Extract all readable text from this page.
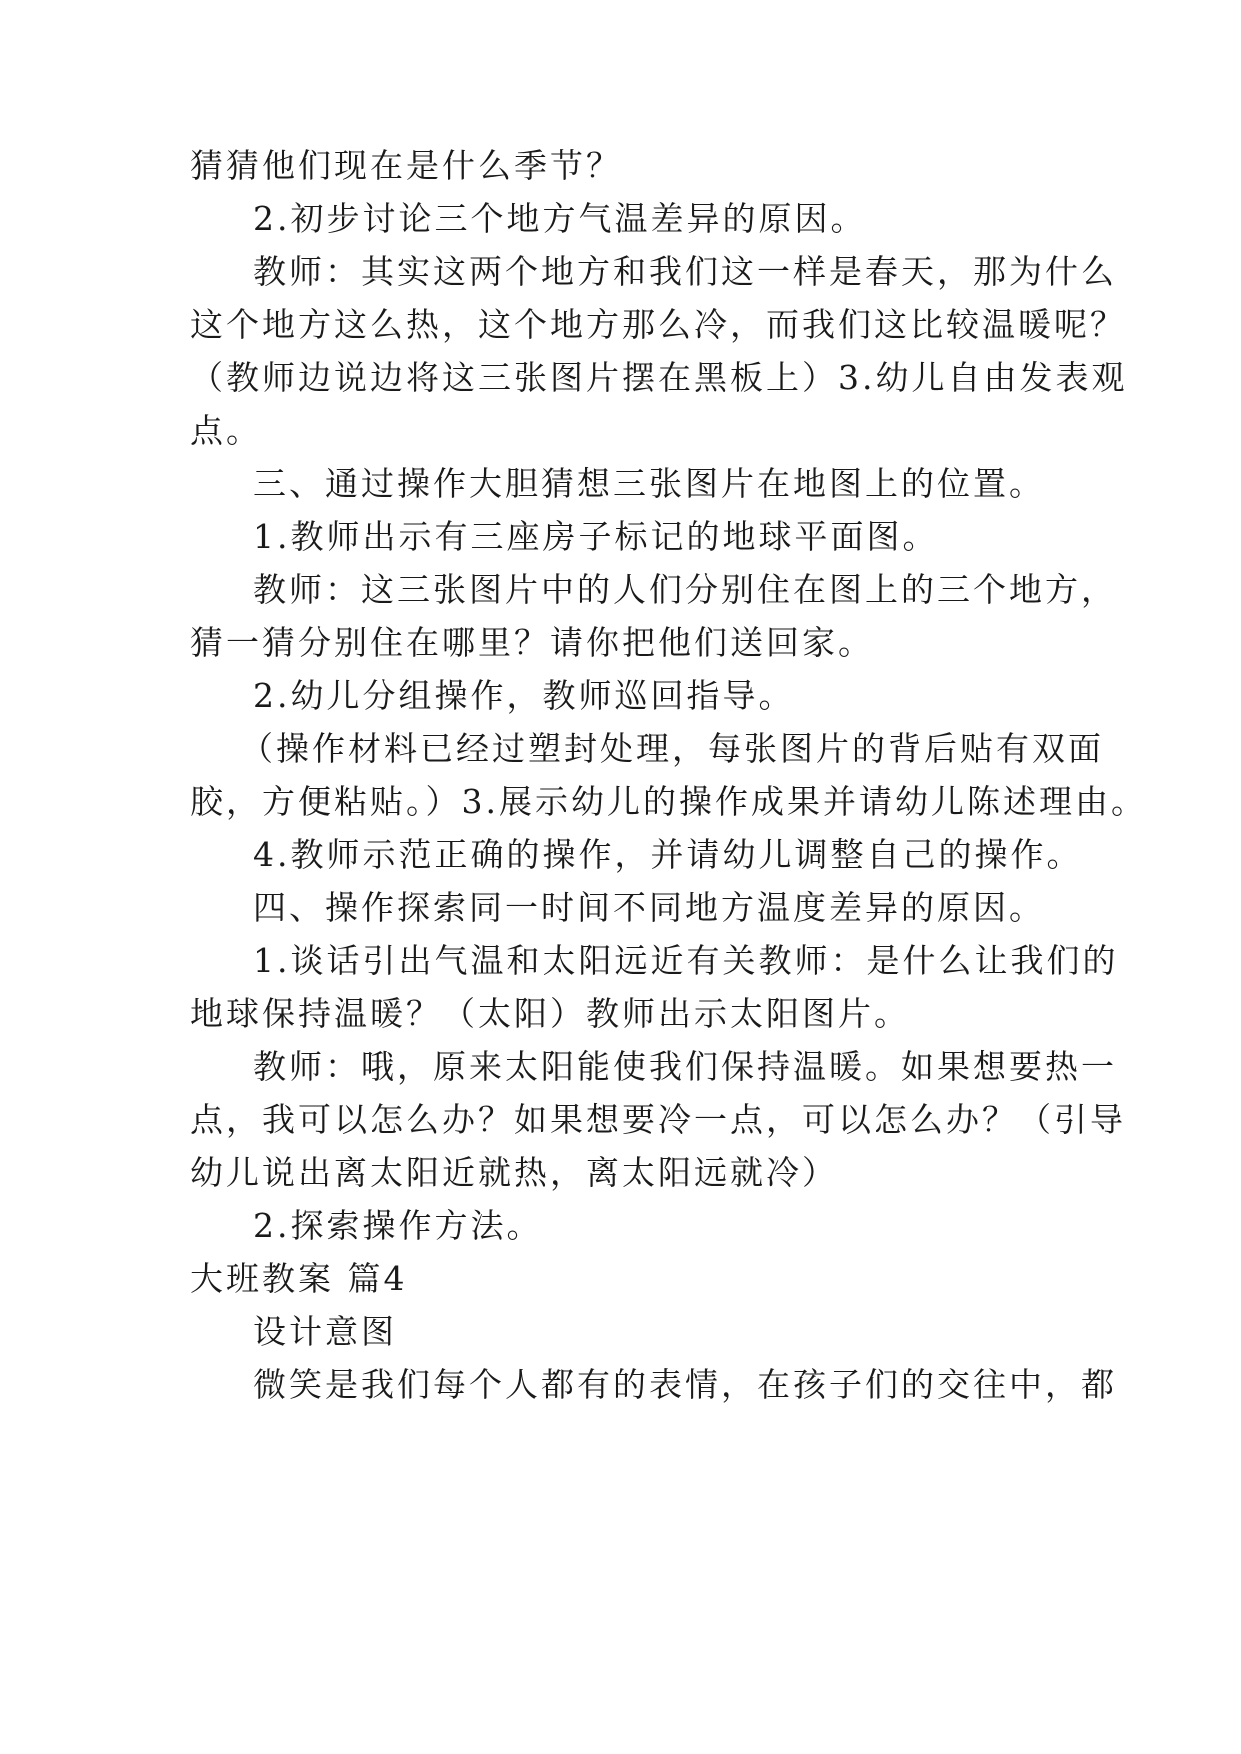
猜猜他们现在是什么季节？
2.初步讨论三个地方气温差异的原因。
教师：其实这两个地方和我们这一样是春天，那为什么
这个地方这么热，这个地方那么冷，而我们这比较温暖呢？
（教师边说边将这三张图片摆在黑板上）3.幼儿自由发表观
点。
三、通过操作大胆猜想三张图片在地图上的位置。
1.教师出示有三座房子标记的地球平面图。
教师：这三张图片中的人们分别住在图上的三个地方，
猜一猜分别住在哪里？请你把他们送回家。
2.幼儿分组操作，教师巡回指导。
（操作材料已经过塑封处理，每张图片的背后贴有双面
胶，方便粘贴。）3.展示幼儿的操作成果并请幼儿陈述理由。
4.教师示范正确的操作，并请幼儿调整自己的操作。
四、操作探索同一时间不同地方温度差异的原因。
1.谈话引出气温和太阳远近有关教师：是什么让我们的
地球保持温暖？（太阳）教师出示太阳图片。
教师：哦，原来太阳能使我们保持温暖。如果想要热一
点，我可以怎么办？如果想要冷一点，可以怎么办？（引导
幼儿说出离太阳近就热，离太阳远就冷）
2.探索操作方法。
大班教案 篇4
设计意图
微笑是我们每个人都有的表情，在孩子们的交往中，都
